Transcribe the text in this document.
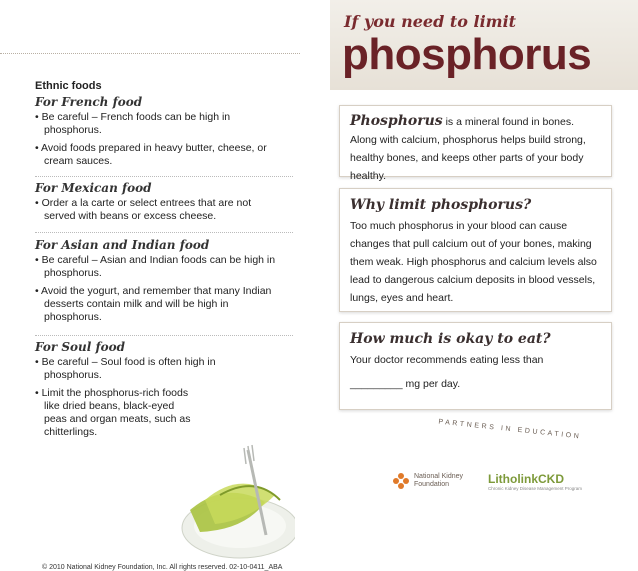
If you need to limit
phosphorus
Ethnic foods
For French food
• Be careful – French foods can be high in phosphorus.
• Avoid foods prepared in heavy butter, cheese, or cream sauces.
For Mexican food
• Order a la carte or select entrees that are not served with beans or excess cheese.
For Asian and Indian food
• Be careful – Asian and Indian foods can be high in phosphorus.
• Avoid the yogurt, and remember that many Indian desserts contain milk and will be high in phosphorus.
For Soul food
• Be careful – Soul food is often high in phosphorus.
• Limit the phosphorus-rich foods like dried beans, black-eyed peas and organ meats, such as chitterlings.
© 2010 National Kidney Foundation, Inc. All rights reserved. 02-10-0411_ABA

Phosphorus is a mineral found in bones. Along with calcium, phosphorus helps build strong, healthy bones, and keeps other parts of your body healthy.

Why limit phosphorus?

Too much phosphorus in your blood can cause changes that pull calcium out of your bones, making them weak. High phosphorus and calcium levels also lead to dangerous calcium deposits in blood vessels, lungs, eyes and heart.

How much is okay to eat?

Your doctor recommends eating less than

_________ mg per day.

PARTNERS IN EDUCATION
National Kidney Foundation	LitholinkCKD
Chronic Kidney Disease Management Program
